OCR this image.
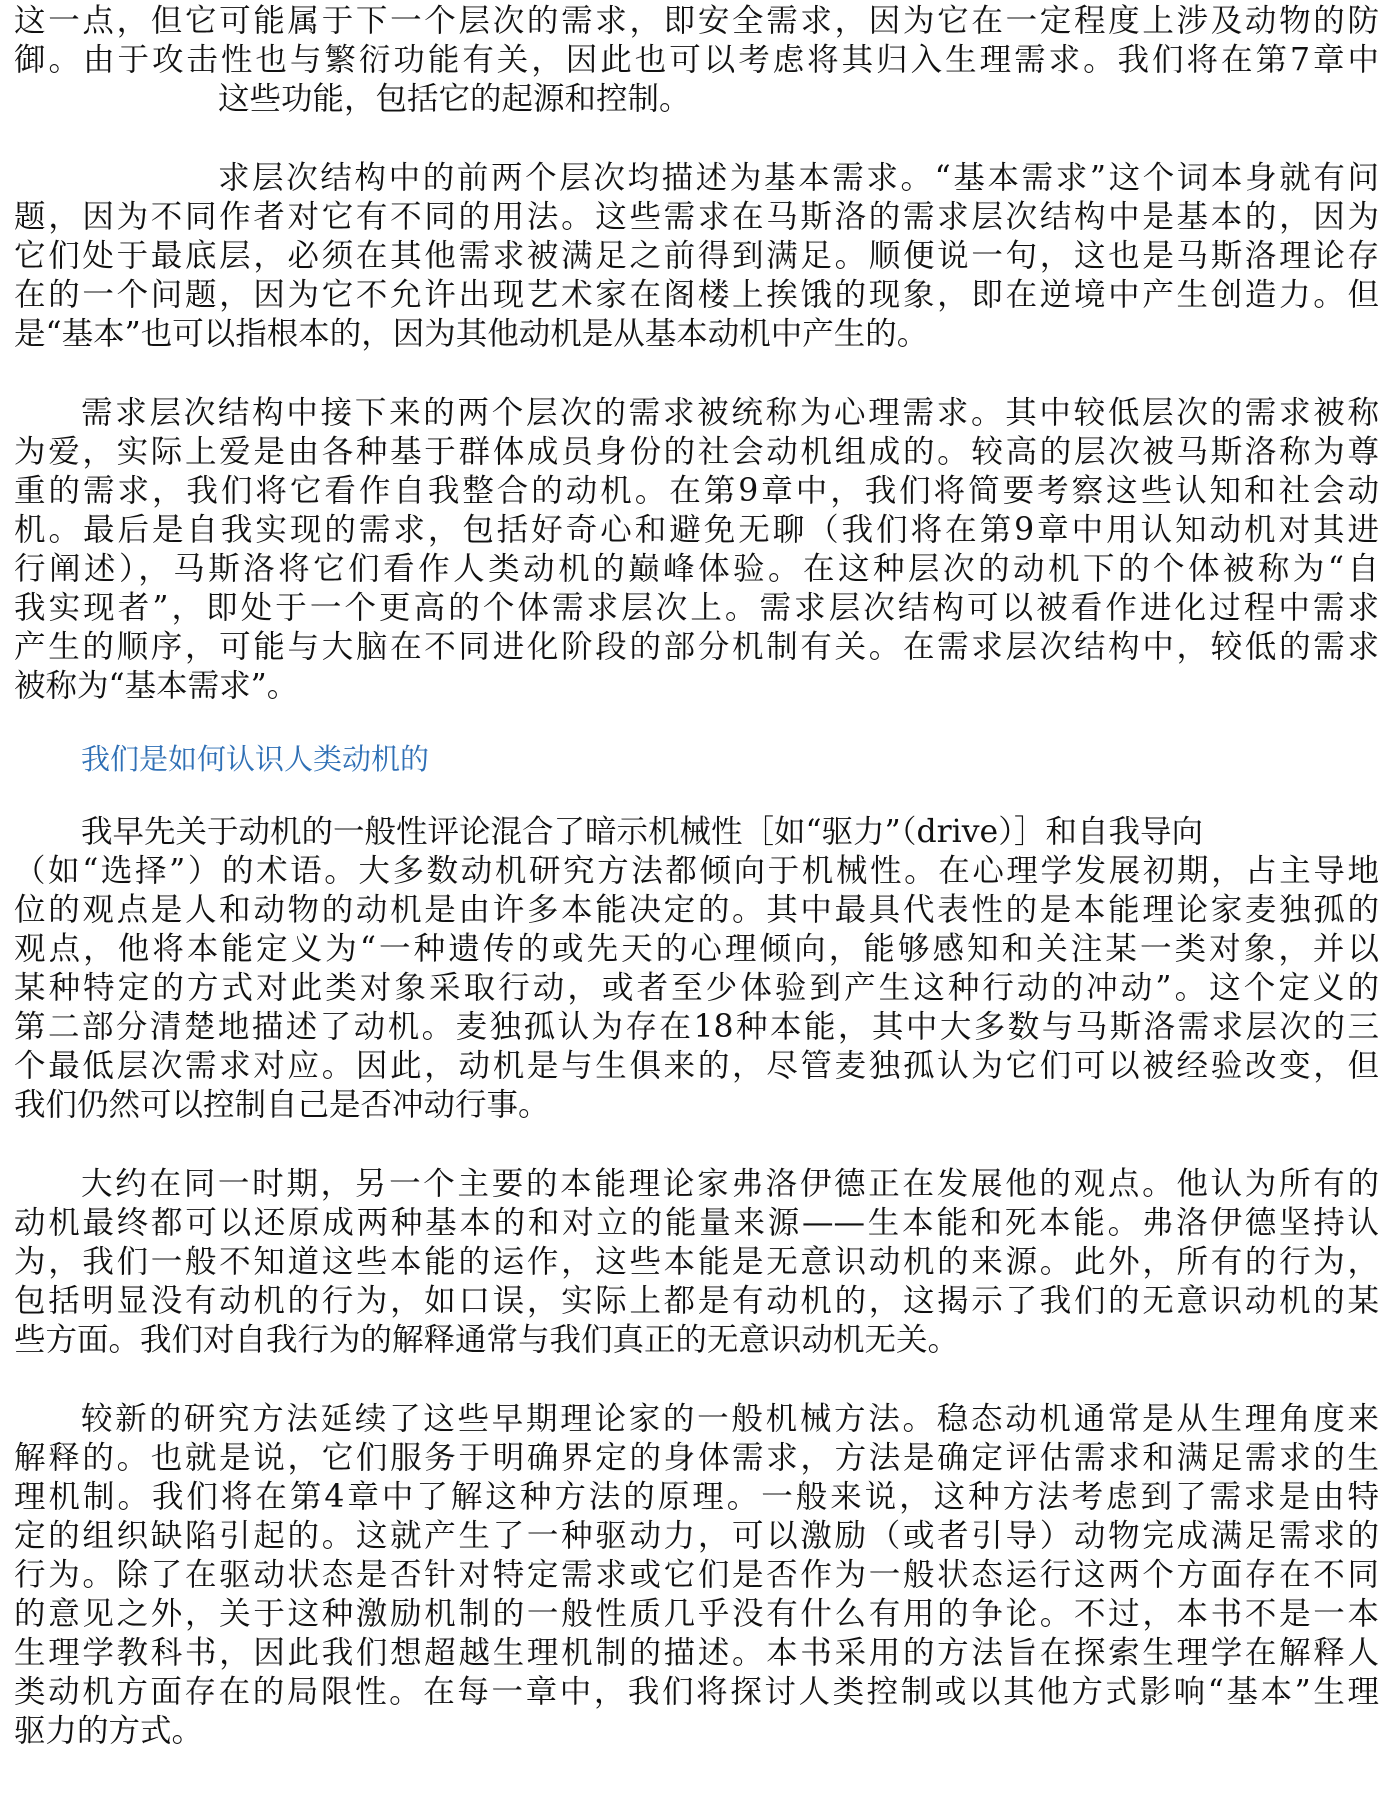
这一点，但它可能属于下一个层次的需求，即安全需求，因为它在一定程度上涉及动物的防
御。由于攻击性也与繁衍功能有关，因此也可以考虑将其归入生理需求。我们将在第7章中
这些功能，包括它的起源和控制。
求层次结构中的前两个层次均描述为基本需求。“基本需求”这个词本身就有问
题，因为不同作者对它有不同的用法。这些需求在马斯洛的需求层次结构中是基本的，因为
它们处于最底层，必须在其他需求被满足之前得到满足。顺便说一句，这也是马斯洛理论存
在的一个问题，因为它不允许出现艺术家在阁楼上挨饿的现象，即在逆境中产生创造力。但
是“基本”也可以指根本的，因为其他动机是从基本动机中产生的。
需求层次结构中接下来的两个层次的需求被统称为心理需求。其中较低层次的需求被称
为爱，实际上爱是由各种基于群体成员身份的社会动机组成的。较高的层次被马斯洛称为尊
重的需求，我们将它看作自我整合的动机。在第9章中，我们将简要考察这些认知和社会动
机。最后是自我实现的需求，包括好奇心和避免无聊（我们将在第9章中用认知动机对其进
行阐述），马斯洛将它们看作人类动机的巅峰体验。在这种层次的动机下的个体被称为“自
我实现者”，即处于一个更高的个体需求层次上。需求层次结构可以被看作进化过程中需求
产生的顺序，可能与大脑在不同进化阶段的部分机制有关。在需求层次结构中，较低的需求
被称为“基本需求”。
我们是如何认识人类动机的
我早先关于动机的一般性评论混合了暗示机械性［如“驱力”（drive）］和自我导向
（如“选择”）的术语。大多数动机研究方法都倾向于机械性。在心理学发展初期，占主导地
位的观点是人和动物的动机是由许多本能决定的。其中最具代表性的是本能理论家麦独孤的
观点，他将本能定义为“一种遗传的或先天的心理倾向，能够感知和关注某一类对象，并以
某种特定的方式对此类对象采取行动，或者至少体验到产生这种行动的冲动”。这个定义的
第二部分清楚地描述了动机。麦独孤认为存在18种本能，其中大多数与马斯洛需求层次的三
个最低层次需求对应。因此，动机是与生俱来的，尽管麦独孤认为它们可以被经验改变，但
我们仍然可以控制自己是否冲动行事。
大约在同一时期，另一个主要的本能理论家弗洛伊德正在发展他的观点。他认为所有的
动机最终都可以还原成两种基本的和对立的能量来源——生本能和死本能。弗洛伊德坚持认
为，我们一般不知道这些本能的运作，这些本能是无意识动机的来源。此外，所有的行为，
包括明显没有动机的行为，如口误，实际上都是有动机的，这揭示了我们的无意识动机的某
些方面。我们对自我行为的解释通常与我们真正的无意识动机无关。
较新的研究方法延续了这些早期理论家的一般机械方法。稳态动机通常是从生理角度来
解释的。也就是说，它们服务于明确界定的身体需求，方法是确定评估需求和满足需求的生
理机制。我们将在第4章中了解这种方法的原理。一般来说，这种方法考虑到了需求是由特
定的组织缺陷引起的。这就产生了一种驱动力，可以激励（或者引导）动物完成满足需求的
行为。除了在驱动状态是否针对特定需求或它们是否作为一般状态运行这两个方面存在不同
的意见之外，关于这种激励机制的一般性质几乎没有什么有用的争论。不过，本书不是一本
生理学教科书，因此我们想超越生理机制的描述。本书采用的方法旨在探索生理学在解释人
类动机方面存在的局限性。在每一章中，我们将探讨人类控制或以其他方式影响“基本”生理
驱力的方式。
